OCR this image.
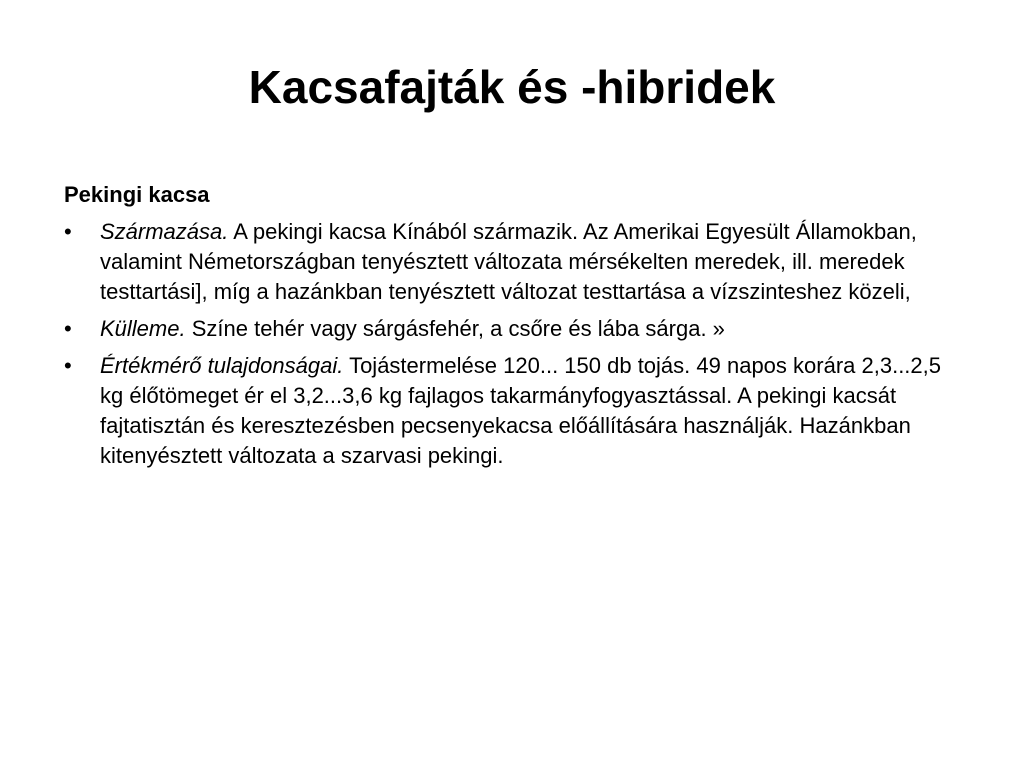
Kacsafajták és -hibridek

Pekingi kacsa

•	Származása. A pekingi kacsa Kínából származik. Az Amerikai Egyesült Államokban, valamint Németországban tenyésztett változata mérsékelten meredek, ill. meredek testtartási], míg a hazánkban tenyésztett változat testtartása a vízszinteshez közeli,
•	Külleme. Színe tehér vagy sárgásfehér, a csőre és lába sárga. »
•	Értékmérő tulajdonságai. Tojástermelése 120... 150 db tojás. 49 napos korára 2,3...2,5 kg élőtömeget ér el 3,2...3,6 kg fajlagos takarmányfogyasztással. A pekingi kacsát fajtatisztán és keresztezésben pecsenyekacsa előállítására használják. Hazánkban kitenyésztett változata a szarvasi pekingi.
